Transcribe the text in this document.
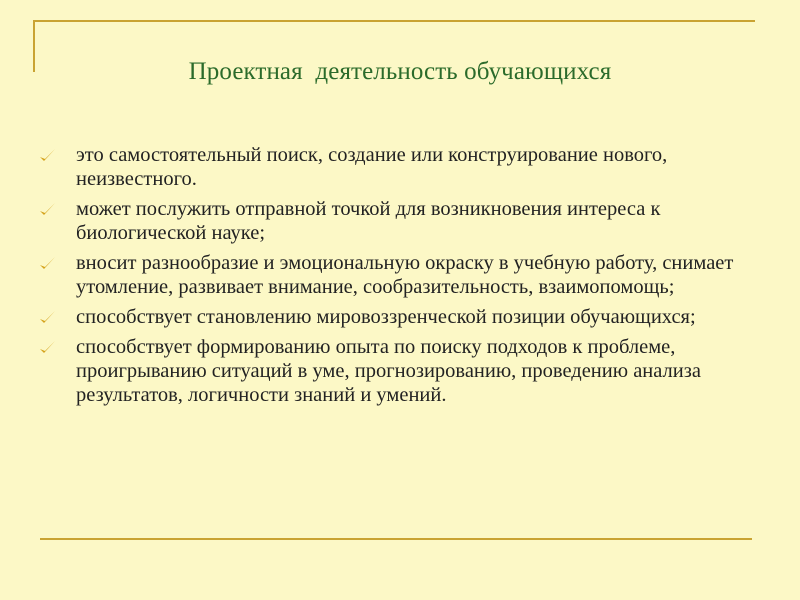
Проектная  деятельность обучающихся
это самостоятельный поиск, создание или конструирование нового, неизвестного.
может послужить отправной точкой для возникновения интереса к биологической науке;
вносит разнообразие и эмоциональную окраску в учебную работу, снимает утомление, развивает внимание, сообразительность, взаимопомощь;
способствует становлению мировоззренческой позиции обучающихся;
способствует формированию опыта по поиску подходов к проблеме, проигрыванию ситуаций в уме, прогнозированию, проведению анализа результатов, логичности знаний и умений.
